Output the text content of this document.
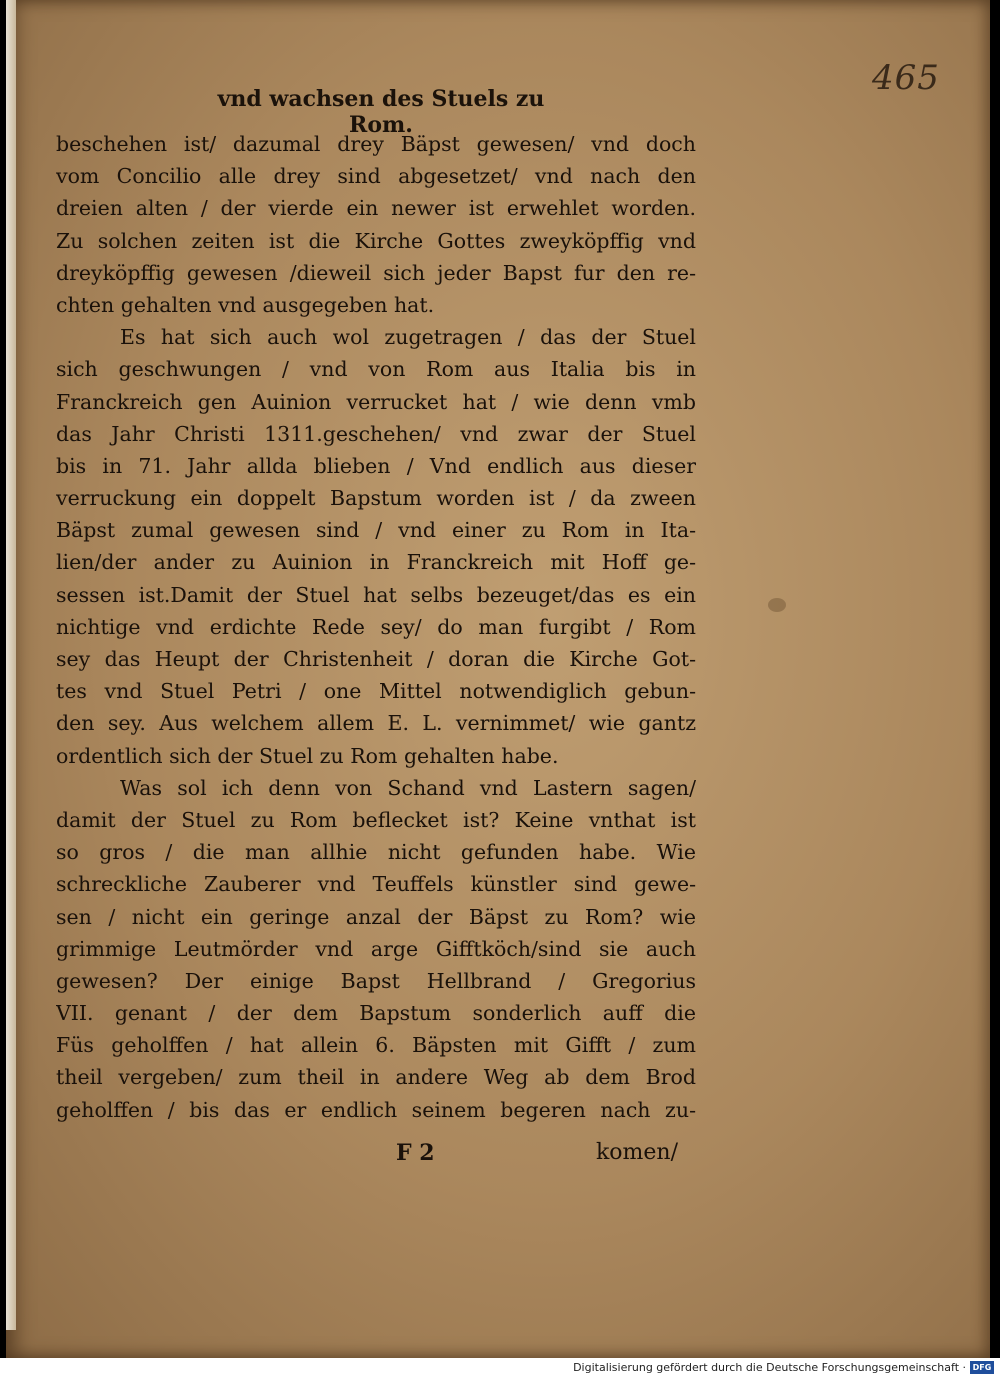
465
vnd wachsen des Stuels zu Rom.
beschehen ist/ dazumal drey Bäpst gewesen/ vnd doch
vom Concilio alle drey sind abgesetzet/ vnd nach den
dreien alten / der vierde ein newer ist erwehlet worden.
Zu solchen zeiten ist die Kirche Gottes zweyköpffig vnd
dreyköpffig gewesen /dieweil sich jeder Bapst fur den re-
chten gehalten vnd ausgegeben hat.
Es hat sich auch wol zugetragen / das der Stuel
sich geschwungen / vnd von Rom aus Italia bis in
Franckreich gen Auinion verrucket hat / wie denn vmb
das Jahr Christi 1311.geschehen/ vnd zwar der Stuel
bis in 71. Jahr allda blieben / Vnd endlich aus dieser
verruckung ein doppelt Bapstum worden ist / da zween
Bäpst zumal gewesen sind / vnd einer zu Rom in Ita-
lien/der ander zu Auinion in Franckreich mit Hoff ge-
sessen ist.Damit der Stuel hat selbs bezeuget/das es ein
nichtige vnd erdichte Rede sey/ do man furgibt / Rom
sey das Heupt der Christenheit / doran die Kirche Got-
tes vnd Stuel Petri / one Mittel notwendiglich gebun-
den sey. Aus welchem allem E. L. vernimmet/ wie gantz
ordentlich sich der Stuel zu Rom gehalten habe.
Was sol ich denn von Schand vnd Lastern sagen/
damit der Stuel zu Rom beflecket ist? Keine vnthat ist
so gros / die man allhie nicht gefunden habe. Wie
schreckliche Zauberer vnd Teuffels künstler sind gewe-
sen / nicht ein geringe anzal der Bäpst zu Rom? wie
grimmige Leutmörder vnd arge Gifftköch/sind sie auch
gewesen? Der einige Bapst Hellbrand / Gregorius
VII. genant / der dem Bapstum sonderlich auff die
Füs geholffen / hat allein 6. Bäpsten mit Gifft / zum
theil vergeben/ zum theil in andere Weg ab dem Brod
geholffen / bis das er endlich seinem begeren nach zu-
F 2	komen/
Digitalisierung gefördert durch die Deutsche Forschungsgemeinschaft · DFG
